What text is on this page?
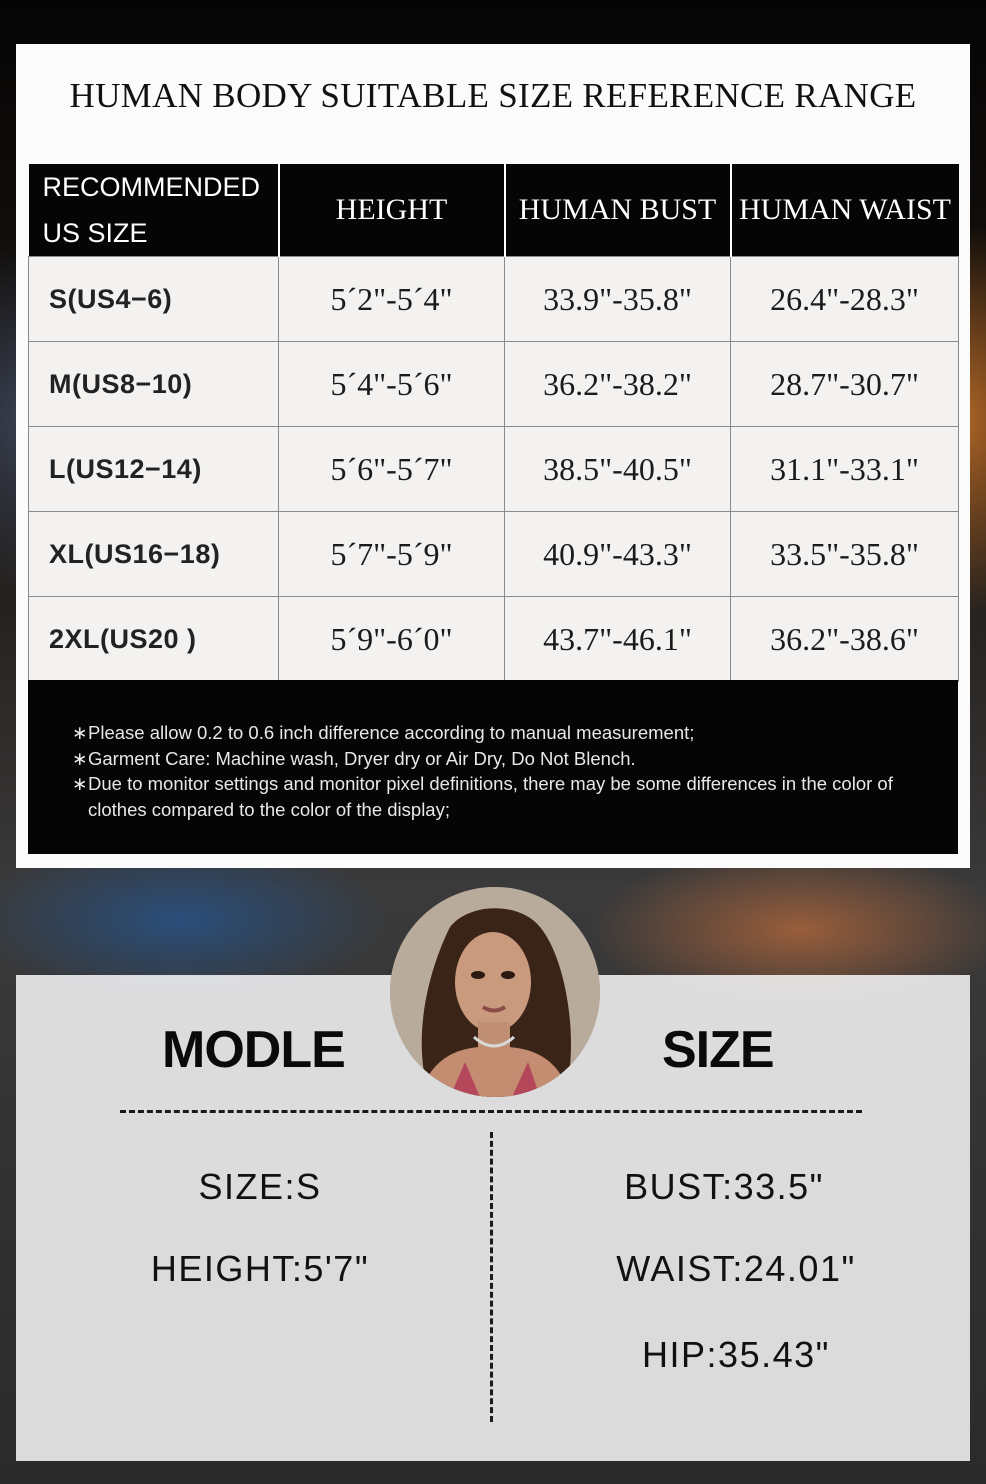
HUMAN BODY SUITABLE SIZE REFERENCE RANGE
RECOMMENDED
US SIZE	HEIGHT	HUMAN BUST	HUMAN WAIST
S(US4−6)	5´2"-5´4"	33.9"-35.8"	26.4"-28.3"
M(US8−10)	5´4"-5´6"	36.2"-38.2"	28.7"-30.7"
L(US12−14)	5´6"-5´7"	38.5"-40.5"	31.1"-33.1"
XL(US16−18)	5´7"-5´9"	40.9"-43.3"	33.5"-35.8"
2XL(US20 )	5´9"-6´0"	43.7"-46.1"	36.2"-38.6"
∗ Please allow 0.2 to 0.6 inch difference according to manual measurement;
∗ Garment Care: Machine wash, Dryer dry or Air Dry, Do Not Blench.
∗ Due to monitor settings and monitor pixel definitions, there may be some differences in the color of clothes compared to the color of the display;
MODLE	SIZE
SIZE:S
HEIGHT:5'7"
BUST:33.5"
WAIST:24.01"
HIP:35.43"
